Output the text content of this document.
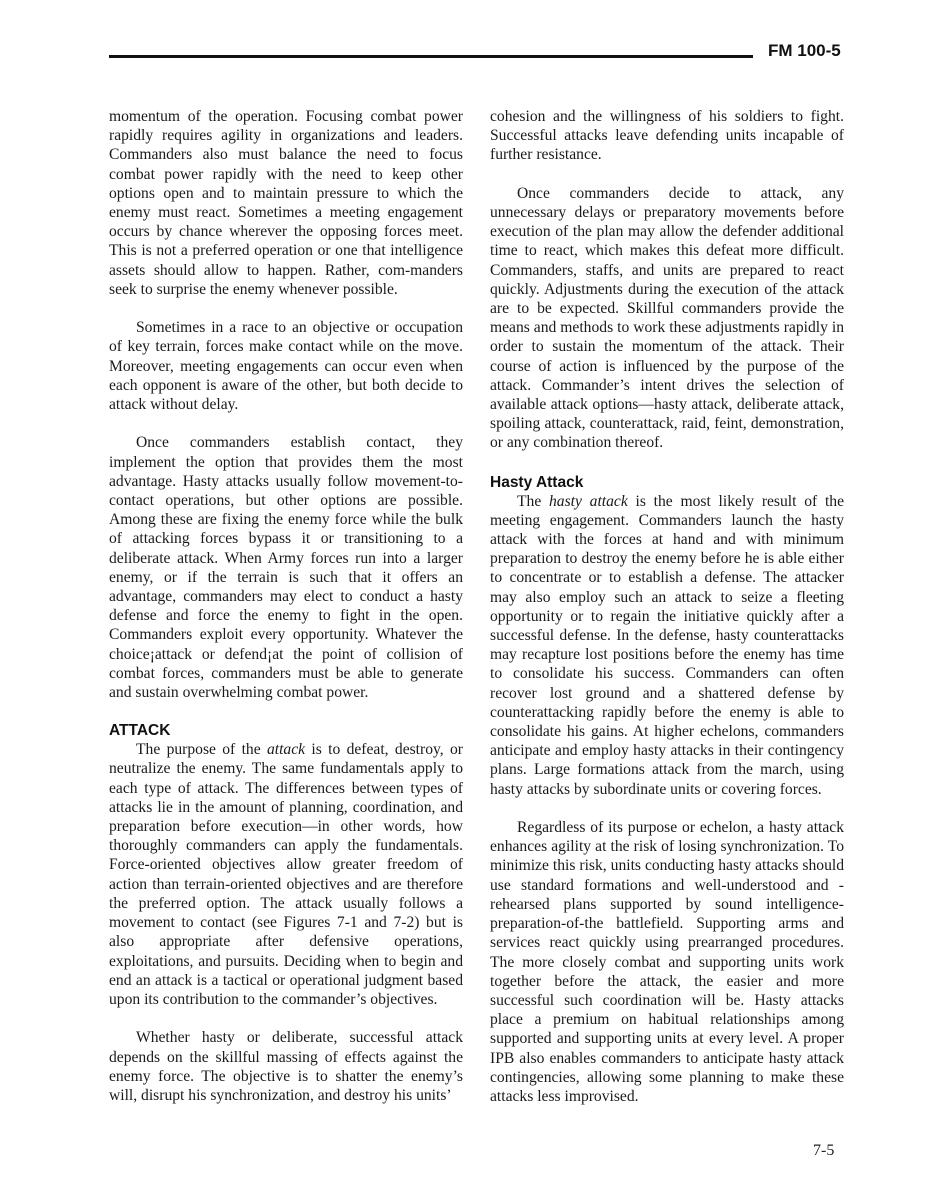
FM 100-5

momentum of the operation. Focusing combat power rapidly requires agility in organizations and leaders. Commanders also must balance the need to focus combat power rapidly with the need to keep other options open and to maintain pressure to which the enemy must react. Sometimes a meeting engagement occurs by chance wherever the opposing forces meet. This is not a preferred operation or one that intelligence assets should allow to happen. Rather, com-manders seek to surprise the enemy whenever possible.

Sometimes in a race to an objective or occupation of key terrain, forces make contact while on the move. Moreover, meeting engagements can occur even when each opponent is aware of the other, but both decide to attack without delay.

Once commanders establish contact, they implement the option that provides them the most advantage. Hasty attacks usually follow movement-to-contact operations, but other options are possible. Among these are fixing the enemy force while the bulk of attacking forces bypass it or transitioning to a deliberate attack. When Army forces run into a larger enemy, or if the terrain is such that it offers an advantage, commanders may elect to conduct a hasty defense and force the enemy to fight in the open. Commanders exploit every opportunity. Whatever the choice¡attack or defend¡at the point of collision of combat forces, commanders must be able to generate and sustain overwhelming combat power.

ATTACK

The purpose of the attack is to defeat, destroy, or neutralize the enemy. The same fundamentals apply to each type of attack. The differences between types of attacks lie in the amount of planning, coordination, and preparation before execution—in other words, how thoroughly commanders can apply the fundamentals. Force-oriented objectives allow greater freedom of action than terrain-oriented objectives and are therefore the preferred option. The attack usually follows a movement to contact (see Figures 7-1 and 7-2) but is also appropriate after defensive operations, exploitations, and pursuits. Deciding when to begin and end an attack is a tactical or operational judgment based upon its contribution to the commander’s objectives.

Whether hasty or deliberate, successful attack depends on the skillful massing of effects against the enemy force. The objective is to shatter the enemy’s will, disrupt his synchronization, and destroy his units’

cohesion and the willingness of his soldiers to fight. Successful attacks leave defending units incapable of further resistance.

Once commanders decide to attack, any unnecessary delays or preparatory movements before execution of the plan may allow the defender additional time to react, which makes this defeat more difficult. Commanders, staffs, and units are prepared to react quickly. Adjustments during the execution of the attack are to be expected. Skillful commanders provide the means and methods to work these adjustments rapidly in order to sustain the momentum of the attack. Their course of action is influenced by the purpose of the attack. Commander’s intent drives the selection of available attack options—hasty attack, deliberate attack, spoiling attack, counterattack, raid, feint, demonstration, or any combination thereof.

Hasty Attack

The hasty attack is the most likely result of the meeting engagement. Commanders launch the hasty attack with the forces at hand and with minimum preparation to destroy the enemy before he is able either to concentrate or to establish a defense. The attacker may also employ such an attack to seize a fleeting opportunity or to regain the initiative quickly after a successful defense. In the defense, hasty counterattacks may recapture lost positions before the enemy has time to consolidate his success. Commanders can often recover lost ground and a shattered defense by counterattacking rapidly before the enemy is able to consolidate his gains. At higher echelons, commanders anticipate and employ hasty attacks in their contingency plans. Large formations attack from the march, using hasty attacks by subordinate units or covering forces.

Regardless of its purpose or echelon, a hasty attack enhances agility at the risk of losing synchronization. To minimize this risk, units conducting hasty attacks should use standard formations and well-understood and -rehearsed plans supported by sound intelligence-preparation-of-the battlefield. Supporting arms and services react quickly using prearranged procedures. The more closely combat and supporting units work together before the attack, the easier and more successful such coordination will be. Hasty attacks place a premium on habitual relationships among supported and supporting units at every level. A proper IPB also enables commanders to anticipate hasty attack contingencies, allowing some planning to make these attacks less improvised.

7-5
